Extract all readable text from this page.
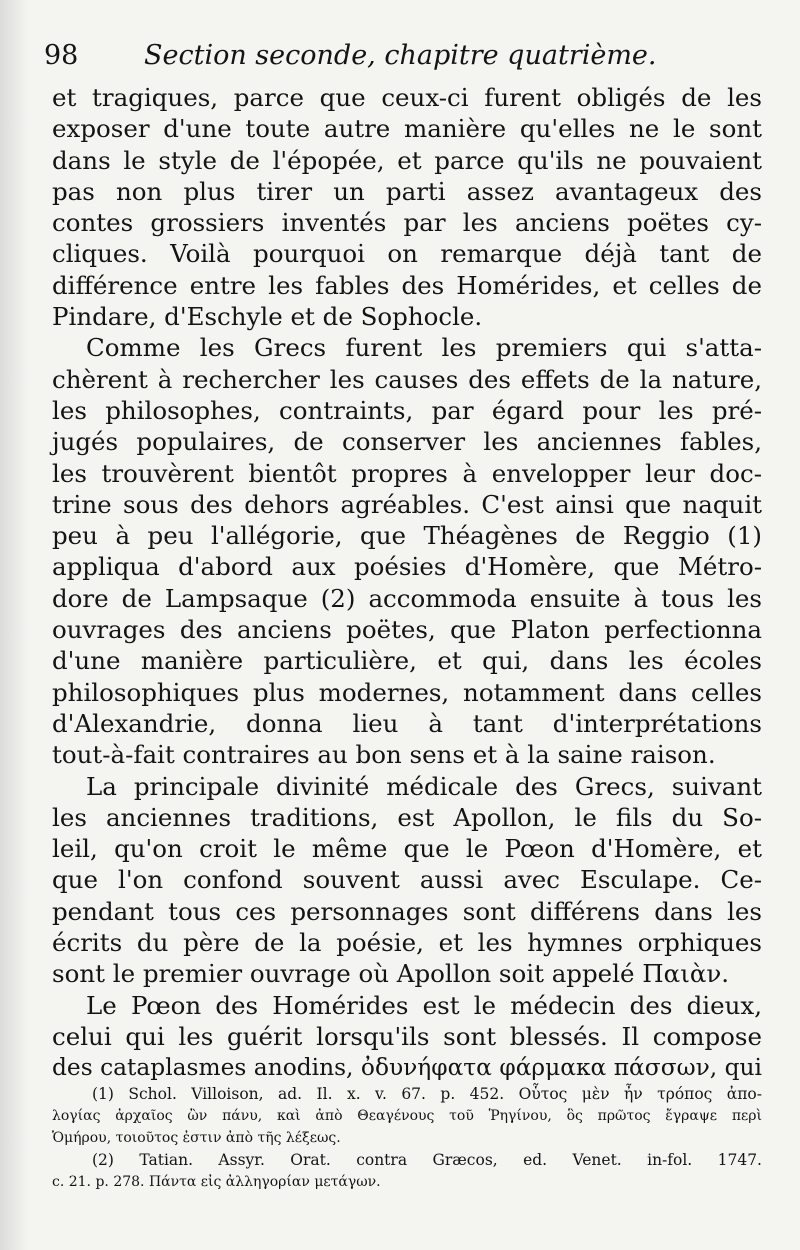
98 Section seconde, chapitre quatrième.
et tragiques, parce que ceux-ci furent obligés de les
exposer d'une toute autre manière qu'elles ne le sont
dans le style de l'épopée, et parce qu'ils ne pouvaient
pas non plus tirer un parti assez avantageux des
contes grossiers inventés par les anciens poëtes cy-
cliques. Voilà pourquoi on remarque déjà tant de
différence entre les fables des Homérides, et celles de
Pindare, d'Eschyle et de Sophocle.
Comme les Grecs furent les premiers qui s'atta-
chèrent à rechercher les causes des effets de la nature,
les philosophes, contraints, par égard pour les pré-
jugés populaires, de conserver les anciennes fables,
les trouvèrent bientôt propres à envelopper leur doc-
trine sous des dehors agréables. C'est ainsi que naquit
peu à peu l'allégorie, que Théagènes de Reggio (1)
appliqua d'abord aux poésies d'Homère, que Métro-
dore de Lampsaque (2) accommoda ensuite à tous les
ouvrages des anciens poëtes, que Platon perfectionna
d'une manière particulière, et qui, dans les écoles
philosophiques plus modernes, notamment dans celles
d'Alexandrie, donna lieu à tant d'interprétations
tout-à-fait contraires au bon sens et à la saine raison.
La principale divinité médicale des Grecs, suivant
les anciennes traditions, est Apollon, le fils du So-
leil, qu'on croit le même que le Pœon d'Homère, et
que l'on confond souvent aussi avec Esculape. Ce-
pendant tous ces personnages sont différens dans les
écrits du père de la poésie, et les hymnes orphiques
sont le premier ouvrage où Apollon soit appelé Παιὰν.
Le Pœon des Homérides est le médecin des dieux,
celui qui les guérit lorsqu'ils sont blessés. Il compose
des cataplasmes anodins, ὀδυνήφατα φάρμακα πάσσων, qui
(1) Schol. Villoison, ad. Il. x. v. 67. p. 452. Οὗτος μὲν ἦν τρόπος ἀπο-
λογίας ἀρχαῖος ὢν πάνυ, καὶ ἀπὸ Θεαγένους τοῦ Ῥηγίνου, ὃς πρῶτος ἔγραψε περὶ
Ὁμήρου, τοιοῦτος ἐστιν ἀπὸ τῆς λέξεως.
(2) Tatian. Assyr. Orat. contra Græcos, ed. Venet. in-fol. 1747.
c. 21. p. 278. Πάντα εἰς ἀλληγορίαν μετάγων.
